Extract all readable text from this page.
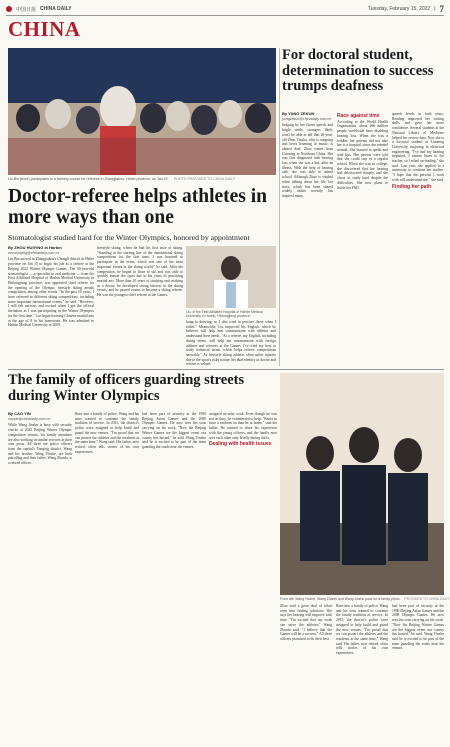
中国日报 CHINA DAILY	Tuesday, February 15, 2022 | 7
CHINA
Liu Bin (front) participates in a training course for referees in Zhangjiakou, Hebei province, on Jan 22. PHOTO PROVIDED TO CHINA DAILY
Doctor-referee helps athletes in more ways than one
Stomatologist studied hard for the Winter Olympics, honored by appointment
By ZHOU HUIYING in Harbin
zhouhuiying@chinadaily.com.cn
Liu Bin arrived in Zhangjiakou's Chongli district in Hebei province on Jan 15 to begin his job as a referee at the Beijing 2022 Winter Olympic Games. The 30-year-old stomatologist — a specialist in oral medicine — from the First Affiliated Hospital of Harbin Medical University in Heilongjiang province, was appointed chief referee for the opening of the Olympic freestyle skiing aerials competition, among other events. "In the past 10 years, I have refereed in different skiing competitions, including some important international events," he said. "However, I still felt nervous and excited when I got the official invitation as I was participating in the Winter Olympics for the first time." Liu began learning Chinese martial arts at the age of 8 in his hometown. He was admitted to Harbin Medical University in 2009.
freestyle skiing, where he had his first taste of skiing. "Standing at the starting line of the international skiing competitions for the first time, I was honored to participate in the event, which was one of the most important events in the skiing world," he said. After the competition, he began to learn to ski and was able to quickly master the sport due to his years of practicing martial arts. More than 10 years of studying and working as a doctor, he developed strong interest in the skiing events, and he passed exams to become a skiing referee. He was the youngest chief referee at the Games.
Liu, of the First Affiliated Hospital of Harbin Medical University in Harbin, Heilongjiang province.
kung-fu drawing, so I also tried to practice those when I failed." Meanwhile, Liu improved his English, which he believes will help him communicate with athletes and understand their needs. "As a referee, my English, including skiing terms, will help me communicate with foreign athletes and referees at the Games. I've tried my best to study technical terms, which helps referee competitions smoothly." As freestyle skiing athletes often suffer injuries due to the sport's risky nature, his dual identity as doctor and referee is valued.
For doctoral student, determination to success trumps deafness
By YANG ZEKUN
yangzekun@chinadaily.com.cn
Judging by her fluent speech and bright smile, strangers likely won't be able to tell that 26-year-old Zhao Yinshu, who is outgoing and loves listening to music, is almost deaf. Zhao comes from Liaoning in Northeast China. She was first diagnosed with hearing loss when she was a kid, after an illness. With the help of hearing aids, she was able to attend school. Although Zhao is studied when talking about her life, her story, which has been shared widely online recently, has inspired many.
Race against time
According to the World Health Organization, about 466 million people worldwide have disabling hearing loss. When she was a toddler, her parents did not take her to a hospital, since she seemed normal. She learned to speak and read lips. Her parents were told that she could stay in a regular school. When she was in college, she discovered that her hearing had deteriorated sharply, and she chose to study hard despite the difficulties. She now plans to finish her PhD.
speech levels in both years. Reading improved her writing skills and gave her more confidence. Several students at the National Library of Medicine helped her review data. Now she is a doctoral student at Liaoning University, majoring in electrical engineering. "I've had my hearing impaired, I cannot listen to the teacher, so I relied on reading," she said. Last year, she applied to a university to continue her studies. "I hope that the persons I work with will understand me," she said.
Finding her path
The family of officers guarding streets during Winter Olympics
By CAO YIN
caoyin@chinadaily.com.cn
While Wang Jinzhu is busy with security checks at 2022 Beijing Winter Olympic competition venues, his family members are also working in similar services at their own posts. All three are police officers from the capital's Yanqing district. Wang and his brother, Wang Yinzhe, are both patrolling and their father, Wang Zhanfu, is a retired officer.
Born into a family of police, Wang and his sons wanted to continue the family tradition of service. In 2015, the district's police were assigned to help build and guard the new venues. "I'm proud that we can protect the athletes and the residents at the same time," Wang said. His father, now retired, often tells stories of his own experiences.
had been part of security at the 1990 Beijing Asian Games and the 2008 Olympic Games. He now sees his sons carrying on his work. "Now the Beijing Winter Games are the biggest event our county has hosted," he said. Wang Yinzhe said he is excited to be part of the team guarding the roads near the venues.
assigned security work. Even though he was not on duty, he volunteered to help. "Better to have a uniform on than be at home," said the father. He wanted to share his experience with the young officers, and the family now sees each other only briefly during shifts.
Dealing with health issues
From left: Wang Yinzhe, Wang Zhanfu and Wang Jinzhu pose for a family photo. PROVIDED TO CHINA DAILY
Zhao said a great deal of effort went into finding solutions. She says her hearing will improve with time. "I'm excited that my work can serve the athletes," Wang Zhanfu said. "I believe that the Games will be a success." All three officers promised to do their best.
Born into a family of police, Wang and his sons wanted to continue the family tradition of service. In 2015, the district's police were assigned to help build and guard the new venues. "I'm proud that we can protect the athletes and the residents at the same time," Wang said. His father, now retired, often tells stories of his own experiences.
had been part of security at the 1990 Beijing Asian Games and the 2008 Olympic Games. He now sees his sons carrying on his work. "Now the Beijing Winter Games are the biggest event our county has hosted," he said. Wang Yinzhe said he is excited to be part of the team guarding the roads near the venues.
